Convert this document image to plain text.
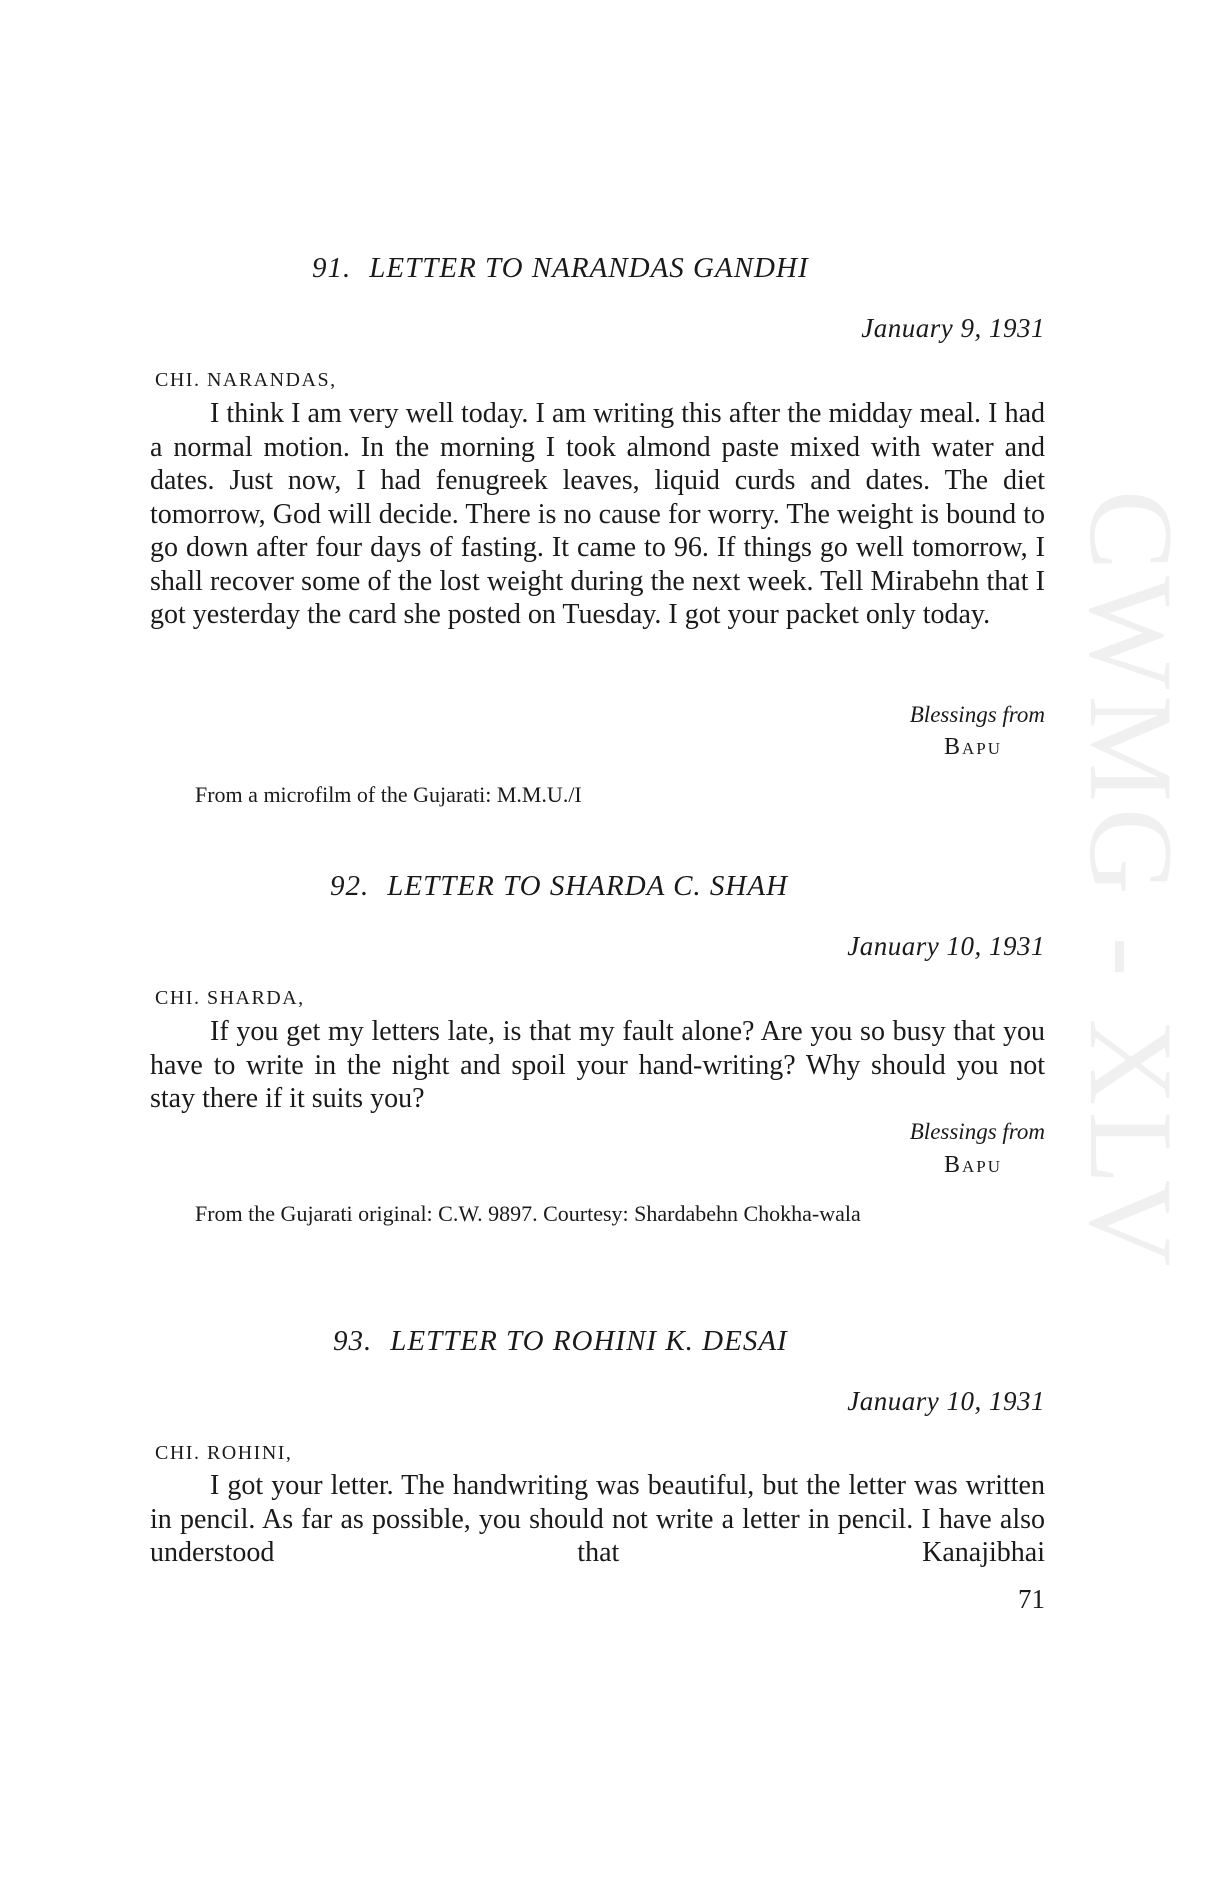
CWMG - XLV
91. LETTER TO NARANDAS GANDHI
January 9, 1931
CHI. NARANDAS,

I think I am very well today. I am writing this after the midday meal. I had a normal motion. In the morning I took almond paste mixed with water and dates. Just now, I had fenugreek leaves, liquid curds and dates. The diet tomorrow, God will decide. There is no cause for worry. The weight is bound to go down after four days of fasting. It came to 96. If things go well tomorrow, I shall recover some of the lost weight during the next week. Tell Mirabehn that I got yesterday the card she posted on Tuesday. I got your packet only today.

Blessings from
Bapu

From a microfilm of the Gujarati: M.M.U./I

92. LETTER TO SHARDA C. SHAH
January 10, 1931
CHI. SHARDA,

If you get my letters late, is that my fault alone? Are you so busy that you have to write in the night and spoil your hand-writing? Why should you not stay there if it suits you?

Blessings from
Bapu

From the Gujarati original: C.W. 9897. Courtesy: Shardabehn Chokha-wala

93. LETTER TO ROHINI K. DESAI
January 10, 1931
CHI. ROHINI,

I got your letter. The handwriting was beautiful, but the letter was written in pencil. As far as possible, you should not write a letter in pencil. I have also understood that Kanajibhai

71
